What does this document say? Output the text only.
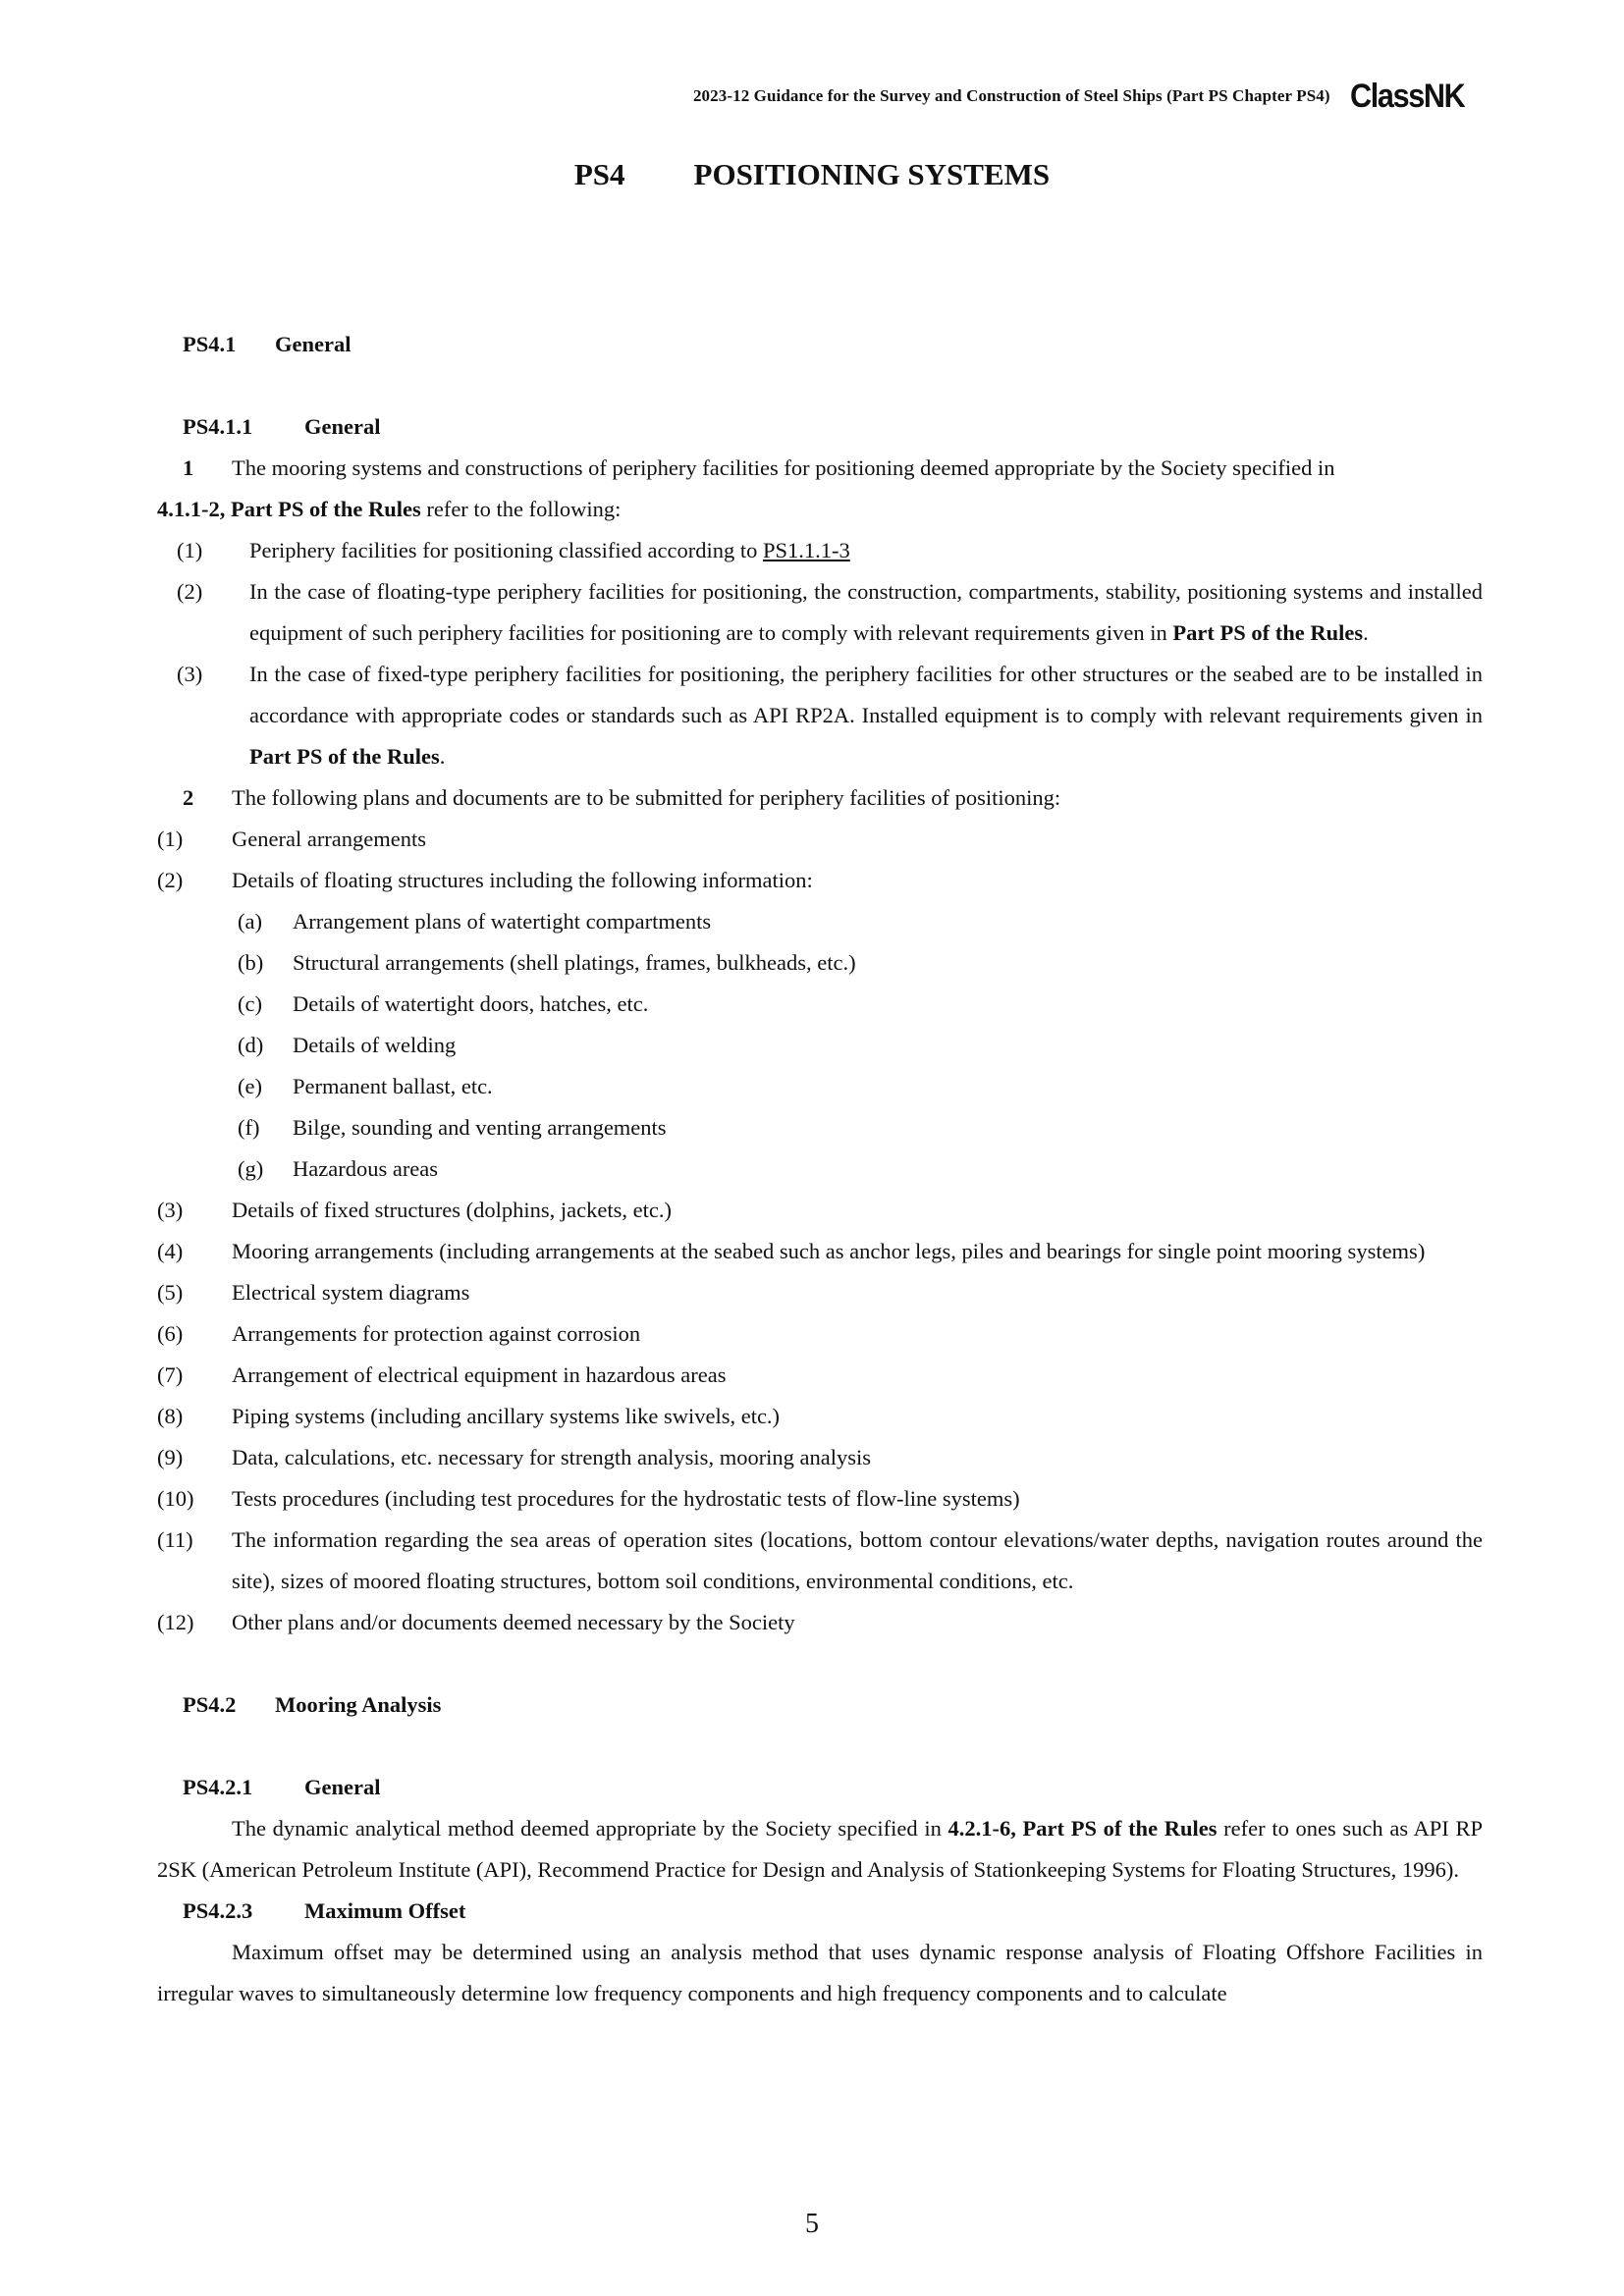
2023-12 Guidance for the Survey and Construction of Steel Ships (Part PS Chapter PS4) ClassNK
PS4 POSITIONING SYSTEMS

PS4.1 General

PS4.1.1 General

1 The mooring systems and constructions of periphery facilities for positioning deemed appropriate by the Society specified in

4.1.1-2, Part PS of the Rules refer to the following:

(1)	Periphery facilities for positioning classified according to PS1.1.1-3
(2)	In the case of floating-type periphery facilities for positioning, the construction, compartments, stability, positioning systems and installed equipment of such periphery facilities for positioning are to comply with relevant requirements given in Part PS of the Rules.
(3)	In the case of fixed-type periphery facilities for positioning, the periphery facilities for other structures or the seabed are to be installed in accordance with appropriate codes or standards such as API RP2A. Installed equipment is to comply with relevant requirements given in Part PS of the Rules.

2 The following plans and documents are to be submitted for periphery facilities of positioning:

(1)	General arrangements
(2)	Details of floating structures including the following information:
(a)	Arrangement plans of watertight compartments
(b)	Structural arrangements (shell platings, frames, bulkheads, etc.)
(c)	Details of watertight doors, hatches, etc.
(d)	Details of welding
(e)	Permanent ballast, etc.
(f)	Bilge, sounding and venting arrangements
(g)	Hazardous areas
(3)	Details of fixed structures (dolphins, jackets, etc.)
(4)	Mooring arrangements (including arrangements at the seabed such as anchor legs, piles and bearings for single point mooring systems)
(5)	Electrical system diagrams
(6)	Arrangements for protection against corrosion
(7)	Arrangement of electrical equipment in hazardous areas
(8)	Piping systems (including ancillary systems like swivels, etc.)
(9)	Data, calculations, etc. necessary for strength analysis, mooring analysis
(10)	Tests procedures (including test procedures for the hydrostatic tests of flow-line systems)
(11)	The information regarding the sea areas of operation sites (locations, bottom contour elevations/water depths, navigation routes around the site), sizes of moored floating structures, bottom soil conditions, environmental conditions, etc.
(12)	Other plans and/or documents deemed necessary by the Society

PS4.2 Mooring Analysis

PS4.2.1 General

The dynamic analytical method deemed appropriate by the Society specified in 4.2.1-6, Part PS of the Rules refer to ones such as API RP 2SK (American Petroleum Institute (API), Recommend Practice for Design and Analysis of Stationkeeping Systems for Floating Structures, 1996).

PS4.2.3 Maximum Offset

Maximum offset may be determined using an analysis method that uses dynamic response analysis of Floating Offshore Facilities in irregular waves to simultaneously determine low frequency components and high frequency components and to calculate

5
